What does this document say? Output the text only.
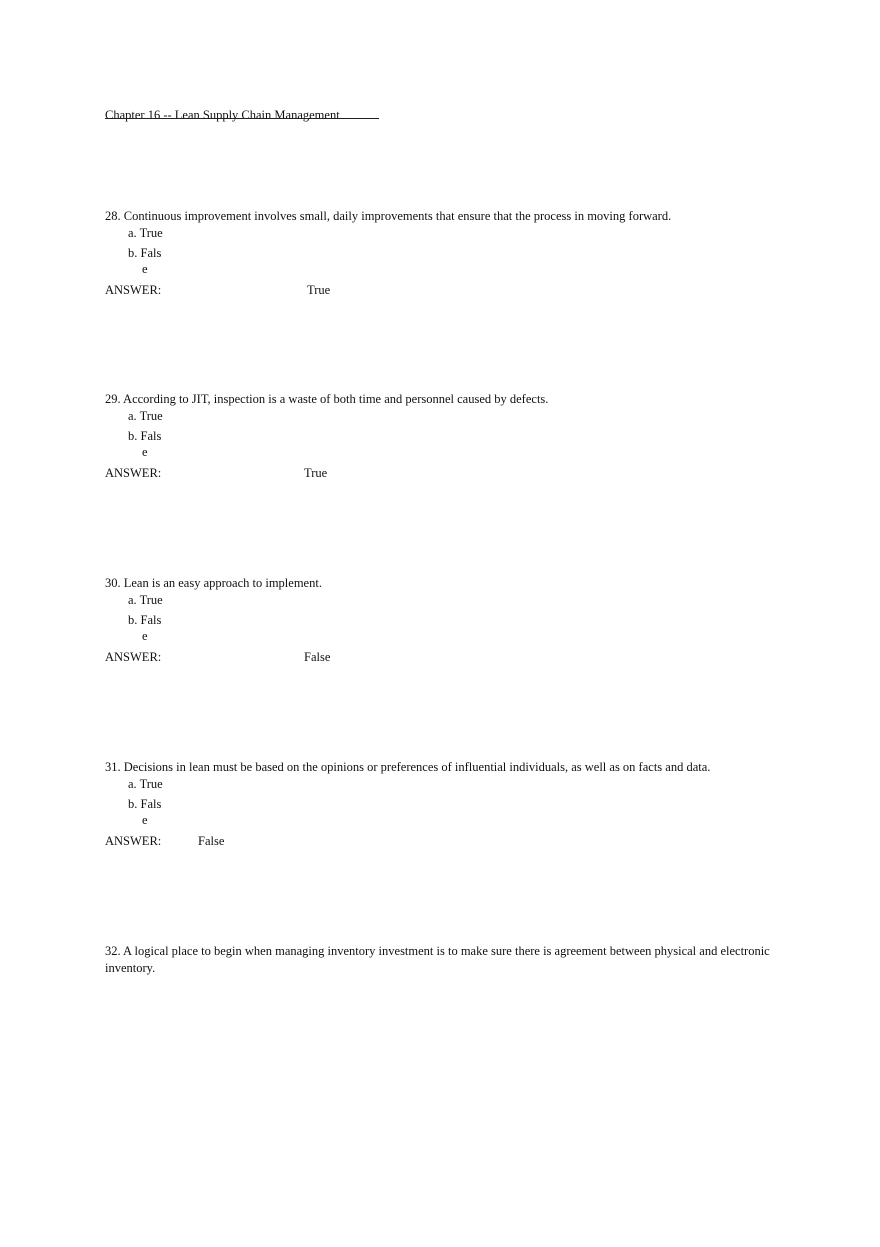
Chapter 16 -- Lean Supply Chain Management
28. Continuous improvement involves small, daily improvements that ensure that the process in moving forward.
a. True
b. Fals
e
ANSWER:	True
29. According to JIT, inspection is a waste of both time and personnel caused by defects.
a. True
b. Fals
e
ANSWER:	True
30. Lean is an easy approach to implement.
a. True
b. Fals
e
ANSWER:	False
31. Decisions in lean must be based on the opinions or preferences of influential individuals, as well as on facts and data.
a. True
b. Fals
e
ANSWER:	False
32. A logical place to begin when managing inventory investment is to make sure there is agreement between physical and electronic inventory.
